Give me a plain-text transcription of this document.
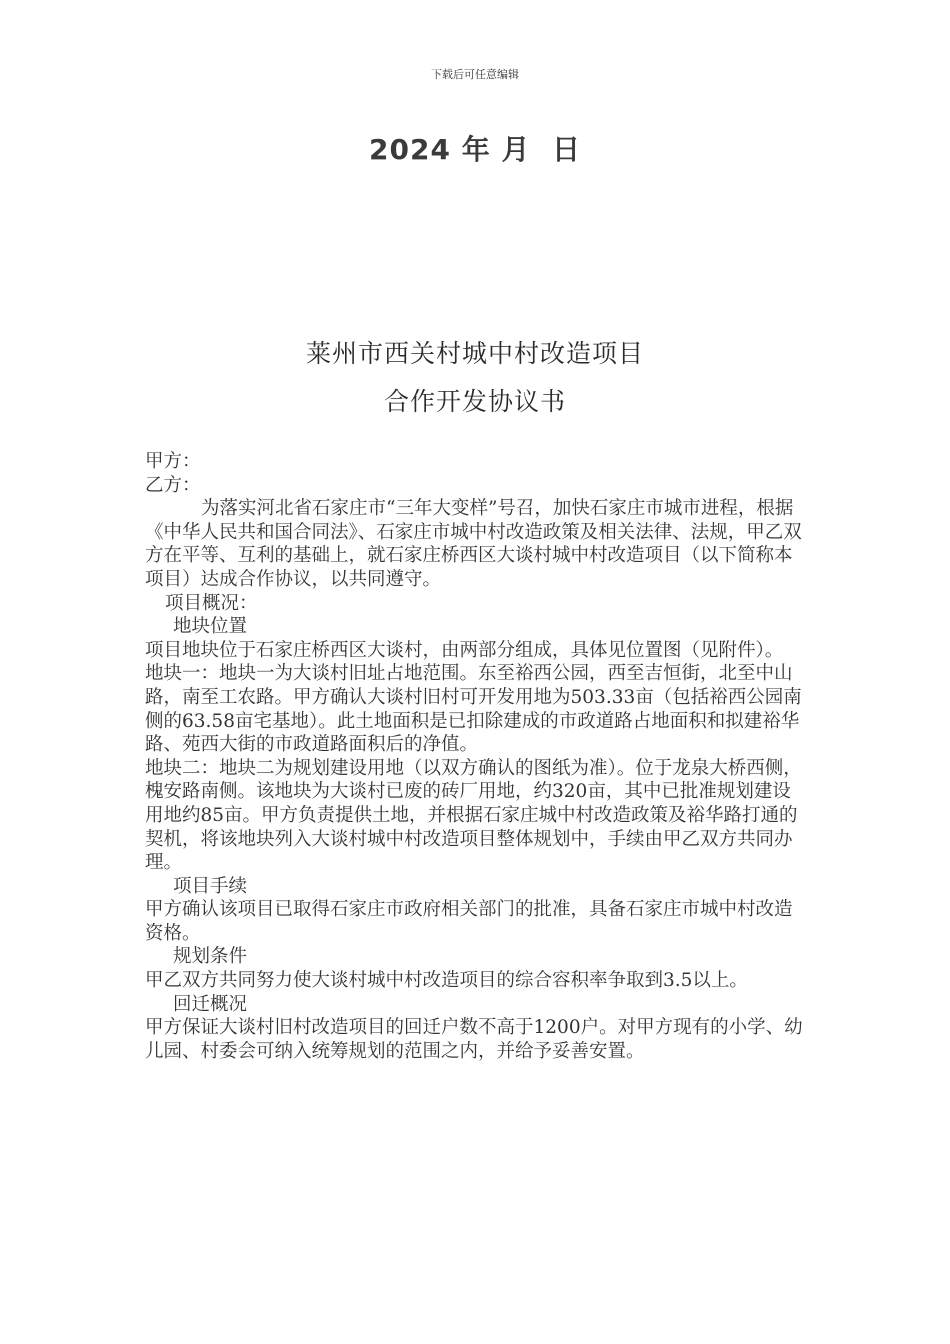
下载后可任意编辑
2024 年 月  日
莱州市西关村城中村改造项目
合作开发协议书

甲方：

乙方：

为落实河北省石家庄市“三年大变样”号召，加快石家庄市城市进程，根据《中华人民共和国合同法》、石家庄市城中村改造政策及相关法律、法规，甲乙双方在平等、互利的基础上，就石家庄桥西区大谈村城中村改造项目（以下简称本项目）达成合作协议，以共同遵守。

项目概况：

地块位置

项目地块位于石家庄桥西区大谈村，由两部分组成，具体见位置图（见附件）。

地块一：地块一为大谈村旧址占地范围。东至裕西公园，西至吉恒街，北至中山路，南至工农路。甲方确认大谈村旧村可开发用地为503.33亩（包括裕西公园南侧的63.58亩宅基地）。此土地面积是已扣除建成的市政道路占地面积和拟建裕华路、苑西大街的市政道路面积后的净值。

地块二：地块二为规划建设用地（以双方确认的图纸为准）。位于龙泉大桥西侧，槐安路南侧。该地块为大谈村已废的砖厂用地，约320亩，其中已批准规划建设用地约85亩。甲方负责提供土地，并根据石家庄城中村改造政策及裕华路打通的契机，将该地块列入大谈村城中村改造项目整体规划中，手续由甲乙双方共同办理。

项目手续

甲方确认该项目已取得石家庄市政府相关部门的批准，具备石家庄市城中村改造资格。

规划条件

甲乙双方共同努力使大谈村城中村改造项目的综合容积率争取到3.5以上。

回迁概况

甲方保证大谈村旧村改造项目的回迁户数不高于1200户。对甲方现有的小学、幼儿园、村委会可纳入统筹规划的范围之内，并给予妥善安置。
